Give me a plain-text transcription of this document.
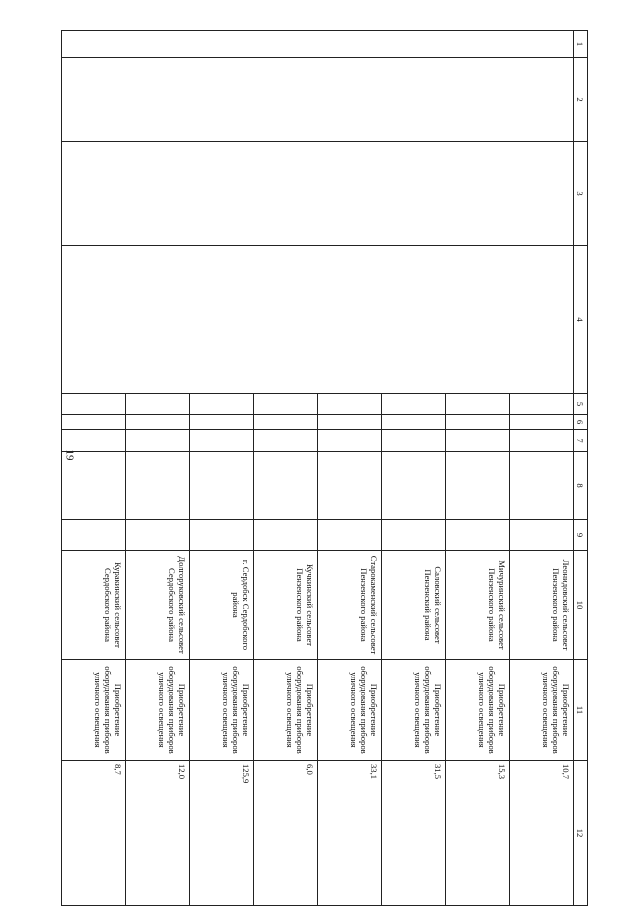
19
1	2	3	4	5	6	7	8	9	10	11	12
									Леонидовский сельсовет Пензенского района	Приобретение оборудования приборов уличного освещения	10,7
									Мичуринский сельсовет Пензенского района	Приобретение оборудования приборов уличного освещения	15,3
									Саловский сельсовет Пензенский района	Приобретение оборудования приборов уличного освещения	31,5
									Старокаменский сельсовет Пензенского района	Приобретение оборудования приборов уличного освещения	33,1
									Кучкинский сельсовет Пензенского района	Приобретение оборудования приборов уличного освещения	6,0
									г. Сердобск Сердобского района	Приобретение оборудования приборов уличного освещения	125,9
									Долгоруковский сельсовет Сердобского района	Приобретение оборудования приборов уличного освещения	12,0
									Куракинский сельсовет Сердобского района	Приобретение оборудования приборов уличного освещения	8,7
